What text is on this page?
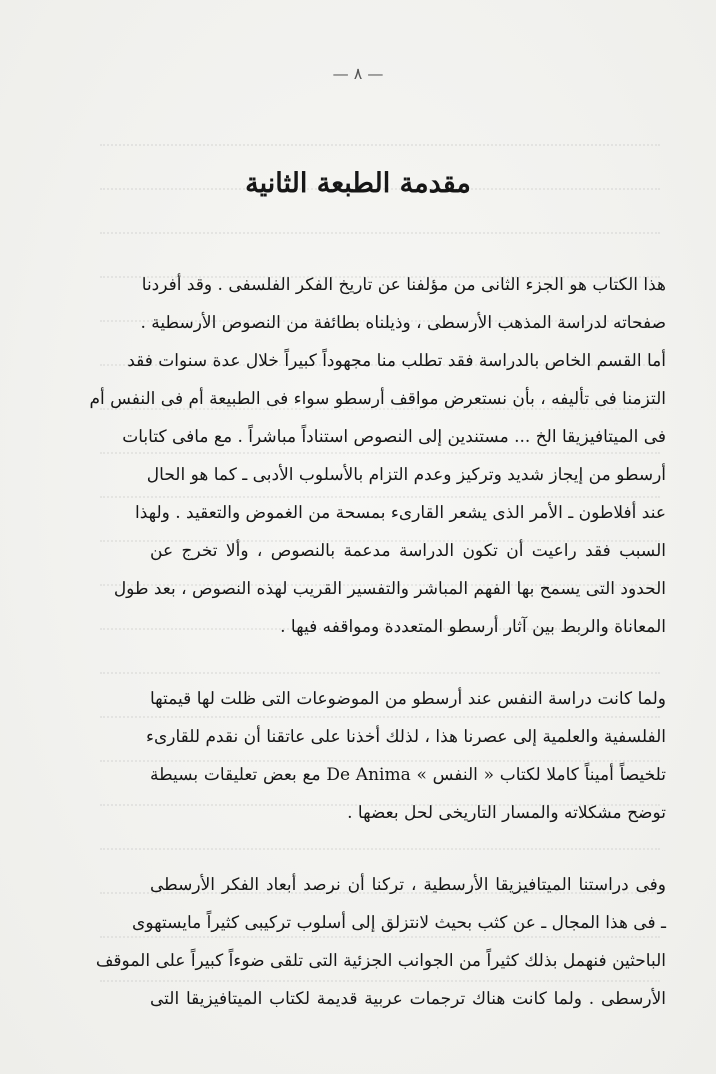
— ٨ —
مقدمة الطبعة الثانية
هذا الكتاب هو الجزء الثانى من مؤلفنا عن تاريخ الفكر الفلسفى . وقد أفردنا
صفحاته لدراسة المذهب الأرسطى ، وذيلناه بطائفة من النصوص الأرسطية .
أما القسم الخاص بالدراسة فقد تطلب منا مجهوداً كبيراً خلال عدة سنوات فقد
التزمنا فى تأليفه ، بأن نستعرض مواقف أرسطو سواء فى الطبيعة أم فى النفس أم
فى الميتافيزيقا الخ ... مستندين إلى النصوص استناداً مباشراً . مع مافى كتابات
أرسطو من إيجاز شديد وتركيز وعدم التزام بالأسلوب الأدبى ـ كما هو الحال
عند أفلاطون ـ الأمر الذى يشعر القارىء بمسحة من الغموض والتعقيد . ولهذا
السبب فقد راعيت أن تكون الدراسة مدعمة بالنصوص ، وألا تخرج عن
الحدود التى يسمح بها الفهم المباشر والتفسير القريب لهذه النصوص ، بعد طول
المعاناة والربط بين آثار أرسطو المتعددة ومواقفه فيها .
ولما كانت دراسة النفس عند أرسطو من الموضوعات التى ظلت لها قيمتها
الفلسفية والعلمية إلى عصرنا هذا ، لذلك أخذنا على عاتقنا أن نقدم للقارىء
تلخيصاً أميناً كاملا لكتاب « النفس » De Anima مع بعض تعليقات بسيطة
توضح مشكلاته والمسار التاريخى لحل بعضها .
وفى دراستنا الميتافيزيقا الأرسطية ، تركنا أن نرصد أبعاد الفكر الأرسطى
ـ فى هذا المجال ـ عن كثب بحيث لانتزلق إلى أسلوب تركيبى كثيراً مايستهوى
الباحثين فنهمل بذلك كثيراً من الجوانب الجزئية التى تلقى ضوءاً كبيراً على الموقف
الأرسطى . ولما كانت هناك ترجمات عربية قديمة لكتاب الميتافيزيقا التى
